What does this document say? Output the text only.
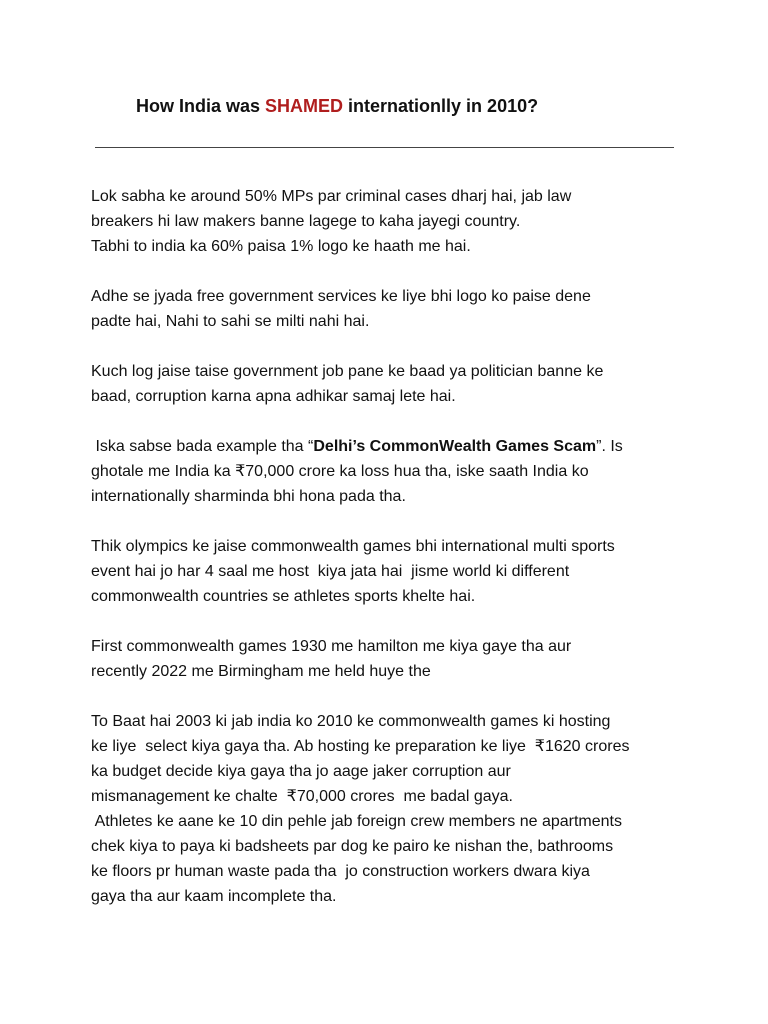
How India was SHAMED internationlly in 2010?
Lok sabha ke around 50% MPs par criminal cases dharj hai, jab law
breakers hi law makers banne lagege to kaha jayegi country.
Tabhi to india ka 60% paisa 1% logo ke haath me hai.
Adhe se jyada free government services ke liye bhi logo ko paise dene
padte hai, Nahi to sahi se milti nahi hai.
Kuch log jaise taise government job pane ke baad ya politician banne ke
baad, corruption karna apna adhikar samaj lete hai.
Iska sabse bada example tha “Delhi’s CommonWealth Games Scam”. Is
ghotale me India ka ₹70,000 crore ka loss hua tha, iske saath India ko
internationally sharminda bhi hona pada tha.
Thik olympics ke jaise commonwealth games bhi international multi sports
event hai jo har 4 saal me host  kiya jata hai  jisme world ki different
commonwealth countries se athletes sports khelte hai.
First commonwealth games 1930 me hamilton me kiya gaye tha aur
recently 2022 me Birmingham me held huye the
To Baat hai 2003 ki jab india ko 2010 ke commonwealth games ki hosting
ke liye  select kiya gaya tha. Ab hosting ke preparation ke liye  ₹1620 crores
ka budget decide kiya gaya tha jo aage jaker corruption aur
mismanagement ke chalte  ₹70,000 crores  me badal gaya.
Athletes ke aane ke 10 din pehle jab foreign crew members ne apartments
chek kiya to paya ki badsheets par dog ke pairo ke nishan the, bathrooms
ke floors pr human waste pada tha  jo construction workers dwara kiya
gaya tha aur kaam incomplete tha.
